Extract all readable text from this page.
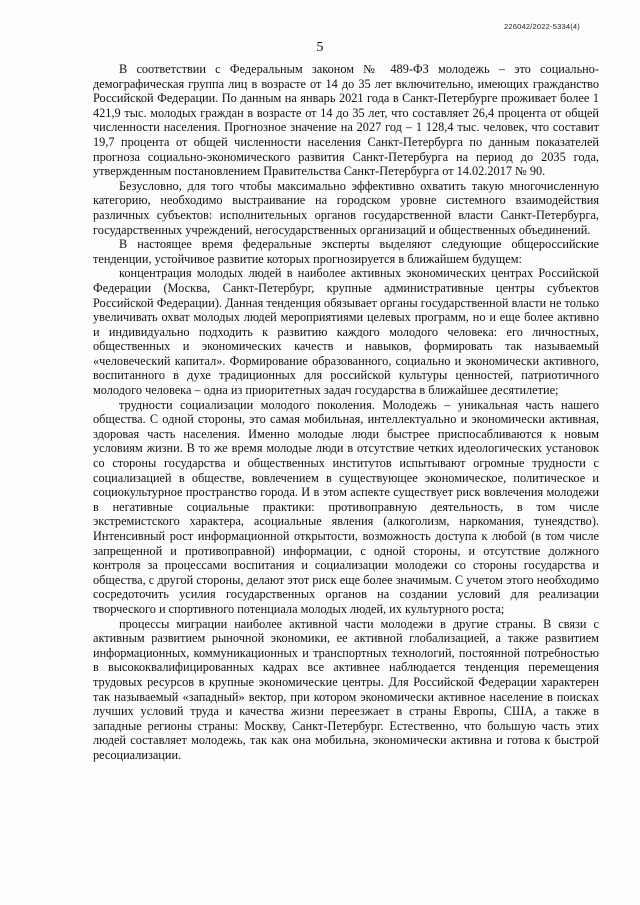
226042/2022-5334(4)
5

В соответствии с Федеральным законом № 489-ФЗ молодежь – это социально-демографическая группа лиц в возрасте от 14 до 35 лет включительно, имеющих гражданство Российской Федерации. По данным на январь 2021 года в Санкт-Петербурге проживает более 1 421,9 тыс. молодых граждан в возрасте от 14 до 35 лет, что составляет 26,4 процента от общей численности населения. Прогнозное значение на 2027 год – 1 128,4 тыс. человек, что составит 19,7 процента от общей численности населения Санкт-Петербурга по данным показателей прогноза социально-экономического развития Санкт-Петербурга на период до 2035 года, утвержденным постановлением Правительства Санкт-Петербурга от 14.02.2017 № 90.

Безусловно, для того чтобы максимально эффективно охватить такую многочисленную категорию, необходимо выстраивание на городском уровне системного взаимодействия различных субъектов: исполнительных органов государственной власти Санкт-Петербурга, государственных учреждений, негосударственных организаций и общественных объединений.

В настоящее время федеральные эксперты выделяют следующие общероссийские тенденции, устойчивое развитие которых прогнозируется в ближайшем будущем:

концентрация молодых людей в наиболее активных экономических центрах Российской Федерации (Москва, Санкт-Петербург, крупные административные центры субъектов Российской Федерации). Данная тенденция обязывает органы государственной власти не только увеличивать охват молодых людей мероприятиями целевых программ, но и еще более активно и индивидуально подходить к развитию каждого молодого человека: его личностных, общественных и экономических качеств и навыков, формировать так называемый «человеческий капитал». Формирование образованного, социально и экономически активного, воспитанного в духе традиционных для российской культуры ценностей, патриотичного молодого человека – одна из приоритетных задач государства в ближайшее десятилетие;

трудности социализации молодого поколения. Молодежь – уникальная часть нашего общества. С одной стороны, это самая мобильная, интеллектуально и экономически активная, здоровая часть населения. Именно молодые люди быстрее приспосабливаются к новым условиям жизни. В то же время молодые люди в отсутствие четких идеологических установок со стороны государства и общественных институтов испытывают огромные трудности с социализацией в обществе, вовлечением в существующее экономическое, политическое и социокультурное пространство города. И в этом аспекте существует риск вовлечения молодежи в негативные социальные практики: противоправную деятельность, в том числе экстремистского характера, асоциальные явления (алкоголизм, наркомания, тунеядство). Интенсивный рост информационной открытости, возможность доступа к любой (в том числе запрещенной и противоправной) информации, с одной стороны, и отсутствие должного контроля за процессами воспитания и социализации молодежи со стороны государства и общества, с другой стороны, делают этот риск еще более значимым. С учетом этого необходимо сосредоточить усилия государственных органов на создании условий для реализации творческого и спортивного потенциала молодых людей, их культурного роста;

процессы миграции наиболее активной части молодежи в другие страны. В связи с активным развитием рыночной экономики, ее активной глобализацией, а также развитием информационных, коммуникационных и транспортных технологий, постоянной потребностью в высококвалифицированных кадрах все активнее наблюдается тенденция перемещения трудовых ресурсов в крупные экономические центры. Для Российской Федерации характерен так называемый «западный» вектор, при котором экономически активное население в поисках лучших условий труда и качества жизни переезжает в страны Европы, США, а также в западные регионы страны: Москву, Санкт-Петербург. Естественно, что большую часть этих людей составляет молодежь, так как она мобильна, экономически активна и готова к быстрой ресоциализации.
